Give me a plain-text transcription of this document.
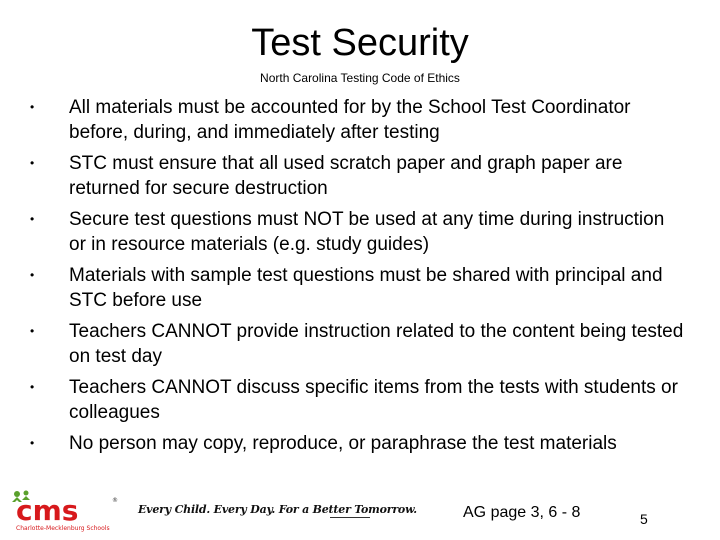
Test Security
North Carolina Testing Code of Ethics
• All materials must be accounted for by the School Test Coordinator before, during, and immediately after testing
• STC must ensure that all used scratch paper and graph paper are returned for secure destruction
• Secure test questions must NOT be used at any time during instruction or in resource materials (e.g. study guides)
• Materials with sample test questions must be shared with principal and STC before use
• Teachers CANNOT provide instruction related to the content being tested on test day
• Teachers CANNOT discuss specific items from the tests with students or colleagues
• No person may copy, reproduce, or paraphrase the test materials
cms	®
Charlotte-Mecklenburg Schools
Every Child. Every Day. For a Better Tomorrow.	AG page 3, 6 - 8	5
